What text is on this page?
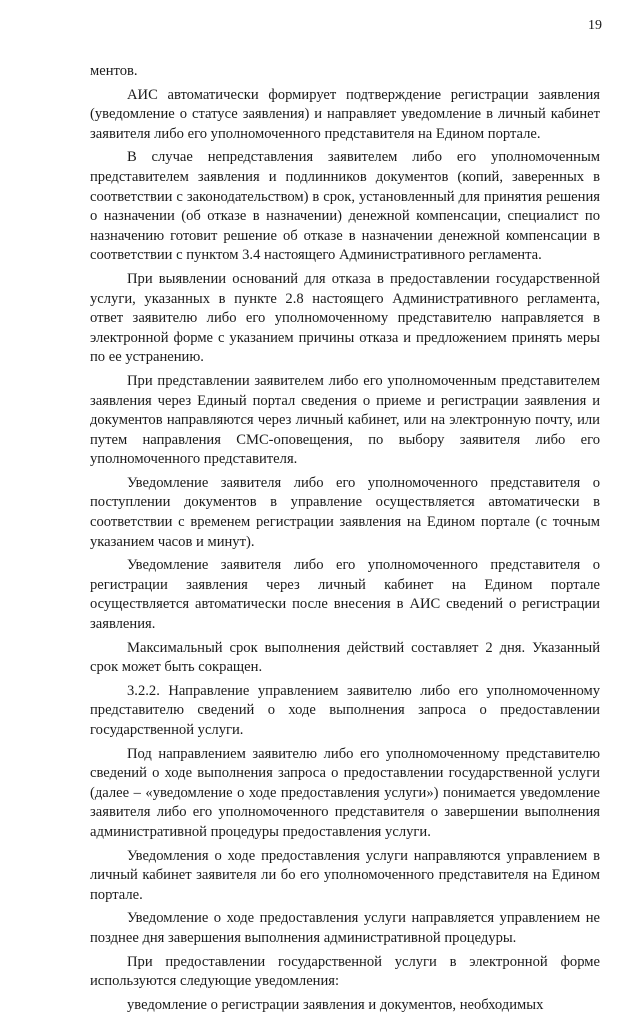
19

ментов.

АИС автоматически формирует подтверждение регистрации заявления (уведомление о статусе заявления) и направляет уведомление в личный кабинет заявителя либо его уполномоченного представителя на Едином портале.

В случае непредставления заявителем либо его уполномоченным представителем заявления и подлинников документов (копий, заверенных в соответствии с законодательством) в срок, установленный для принятия решения о назначении (об отказе в назначении) денежной компенсации, специалист по назначению готовит решение об отказе в назначении денежной компенсации в соответствии с пунктом 3.4 настоящего Административного регламента.

При выявлении оснований для отказа в предоставлении государственной услуги, указанных в пункте 2.8 настоящего Административного регламента, ответ заявителю либо его уполномоченному представителю направляется в электронной форме с указанием причины отказа и предложением принять меры по ее устранению.

При представлении заявителем либо его уполномоченным представителем заявления через Единый портал сведения о приеме и регистрации заявления и документов направляются через личный кабинет, или на электронную почту, или путем направления СМС-оповещения, по выбору заявителя либо его уполномоченного представителя.

Уведомление заявителя либо его уполномоченного представителя о поступлении документов в управление осуществляется автоматически в соответствии с временем регистрации заявления на Едином портале (с точным указанием часов и минут).

Уведомление заявителя либо его уполномоченного представителя о регистрации заявления через личный кабинет на Едином портале осуществляется автоматически после внесения в АИС сведений о регистрации заявления.

Максимальный срок выполнения действий составляет 2 дня. Указанный срок может быть сокращен.

3.2.2. Направление управлением заявителю либо его уполномоченному представителю сведений о ходе выполнения запроса о предоставлении государственной услуги.

Под направлением заявителю либо его уполномоченному представителю сведений о ходе выполнения запроса о предоставлении государственной услуги (далее – «уведомление о ходе предоставления услуги») понимается уведомление заявителя либо его уполномоченного представителя о завершении выполнения административной процедуры предоставления услуги.

Уведомления о ходе предоставления услуги направляются управлением в личный кабинет заявителя ли бо его уполномоченного представителя на Едином портале.

Уведомление о ходе предоставления услуги направляется управлением не позднее дня завершения выполнения административной процедуры.

При предоставлении государственной услуги в электронной форме используются следующие уведомления:

уведомление о регистрации заявления и документов, необходимых
